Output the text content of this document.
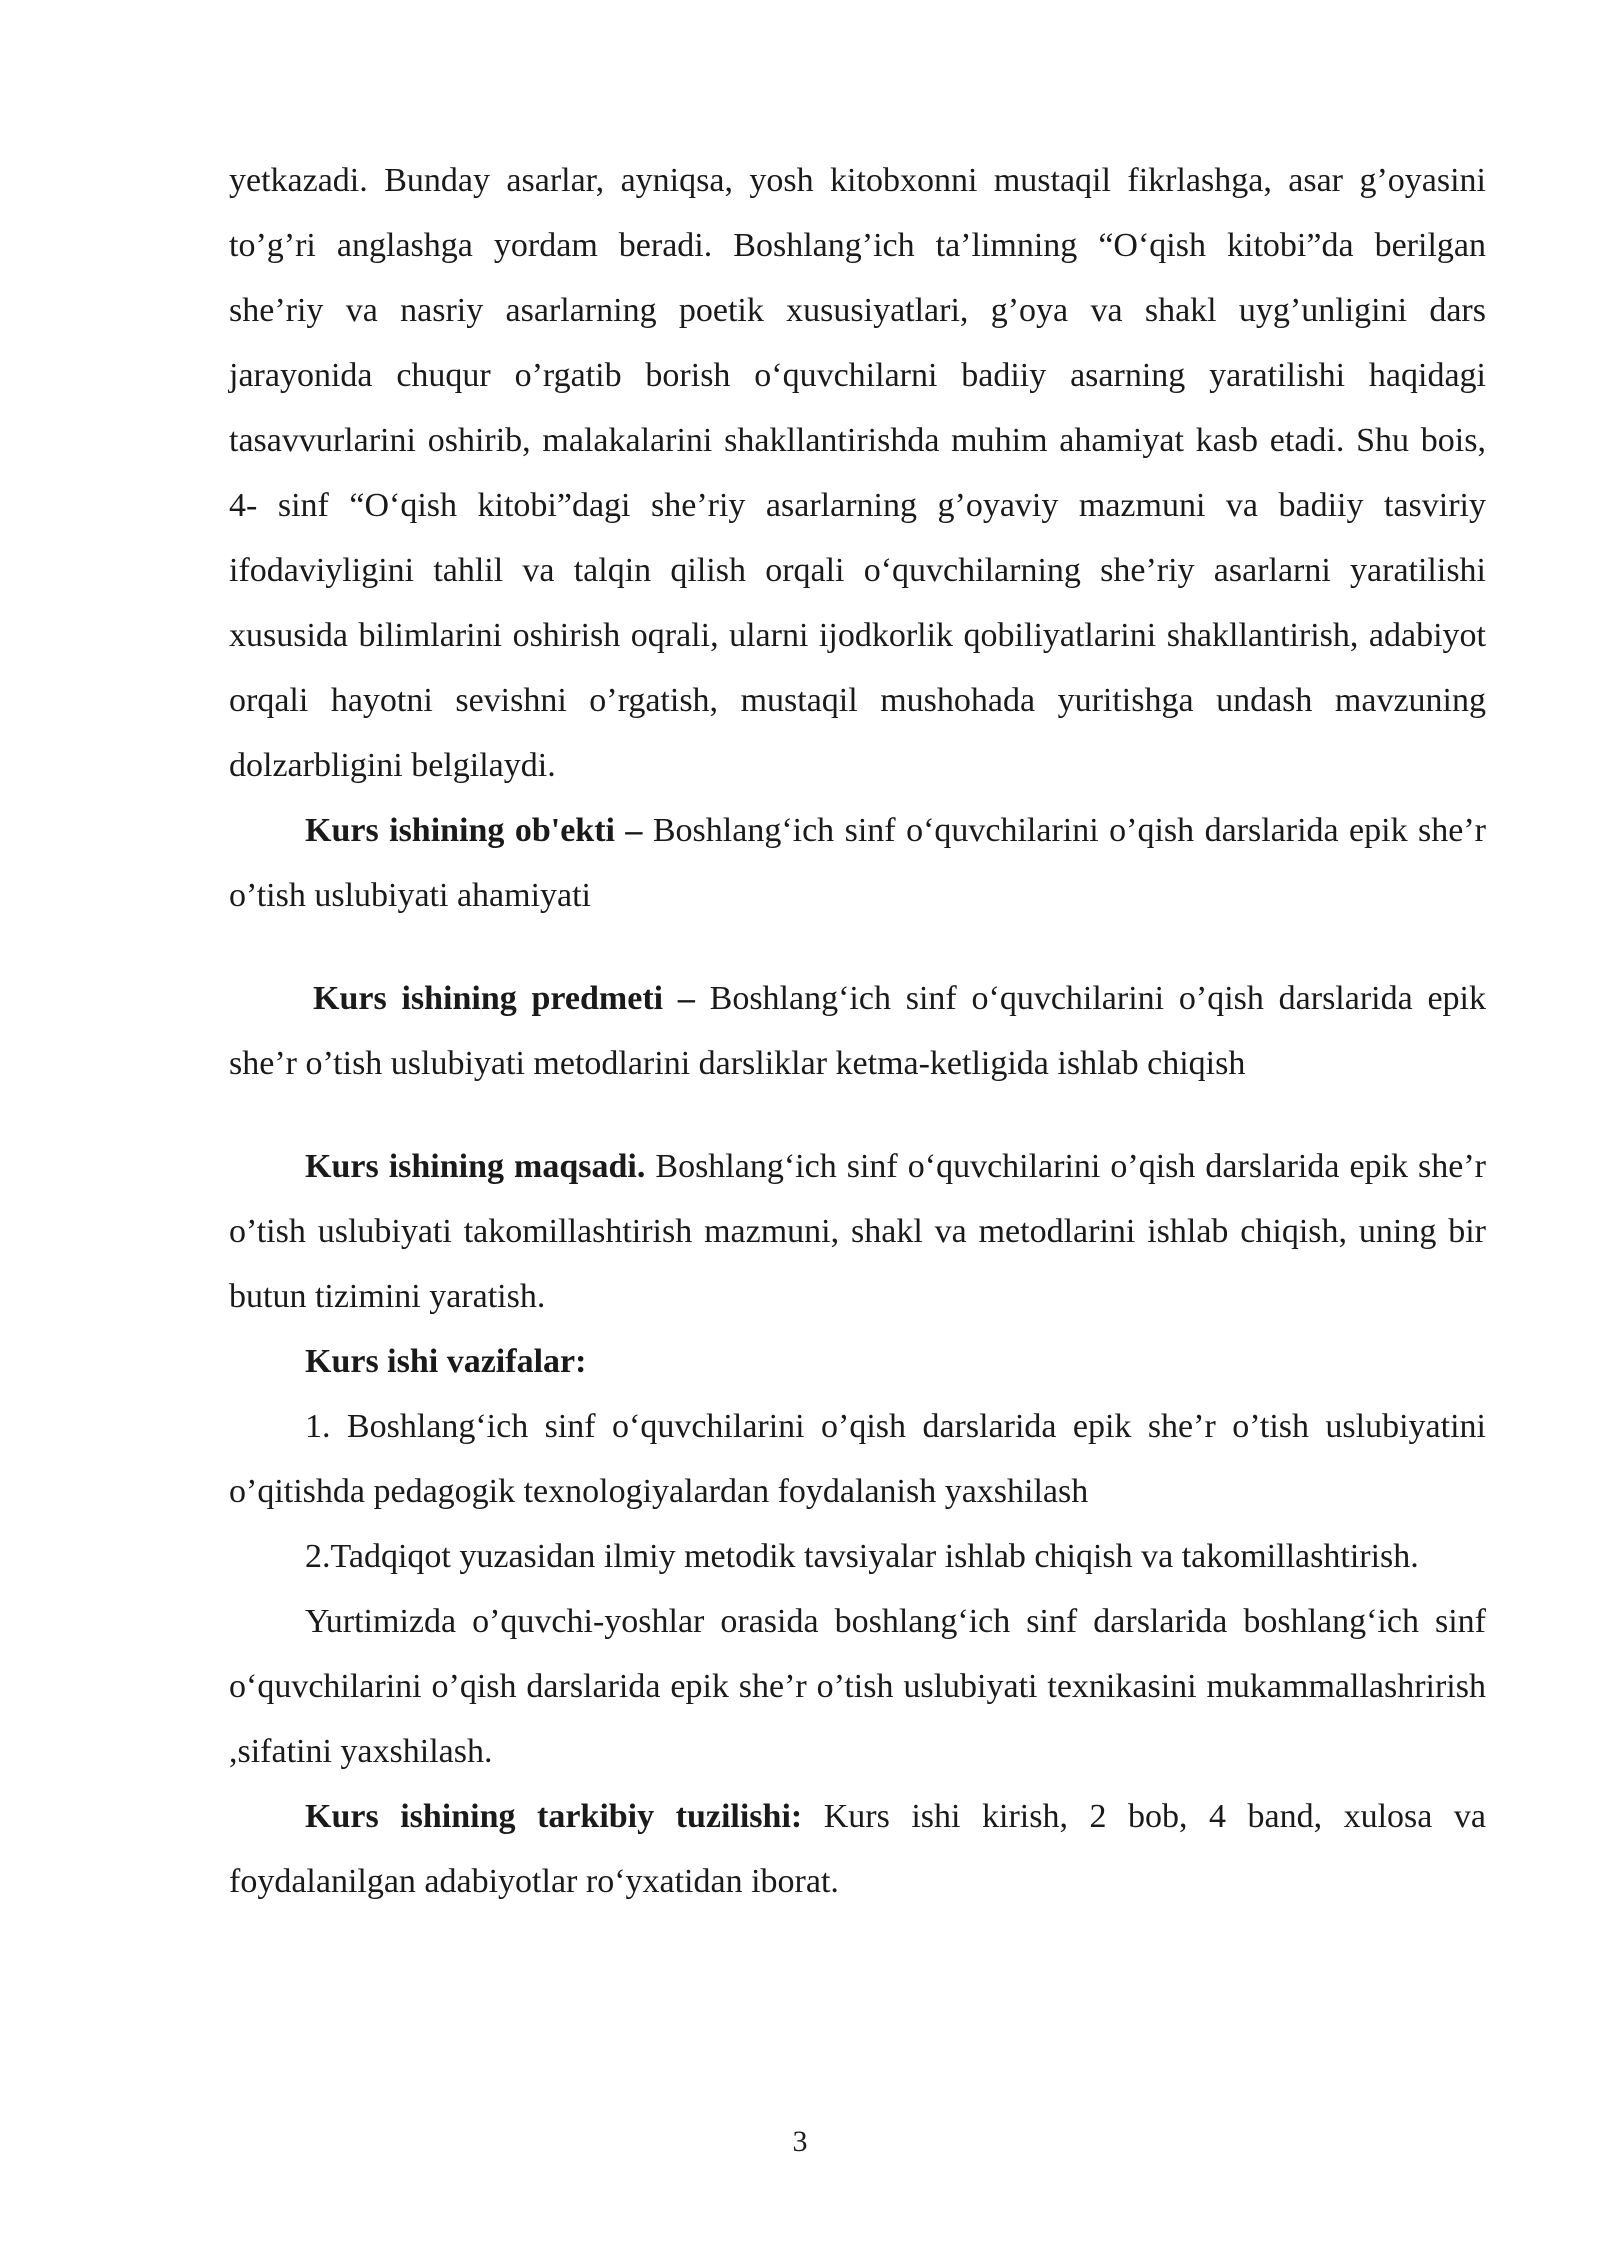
yetkazadi. Bunday asarlar, ayniqsa, yosh kitobxonni mustaqil fikrlashga, asar g’oyasini to’g’ri anglashga yordam beradi. Boshlang’ich ta’limning “O‘qish kitobi”da berilgan she’riy va nasriy asarlarning poetik xususiyatlari, g’oya va shakl uyg’unligini dars jarayonida chuqur o’rgatib borish o‘quvchilarni badiiy asarning yaratilishi haqidagi tasavvurlarini oshirib, malakalarini shakllantirishda muhim ahamiyat kasb etadi. Shu bois, 4- sinf “O‘qish kitobi”dagi she’riy asarlarning g’oyaviy mazmuni va badiiy tasviriy ifodaviyligini tahlil va talqin qilish orqali o‘quvchilarning she’riy asarlarni yaratilishi xususida bilimlarini oshirish oqrali, ularni ijodkorlik qobiliyatlarini shakllantirish, adabiyot orqali hayotni sevishni o’rgatish, mustaqil mushohada yuritishga undash mavzuning dolzarbligini belgilaydi.

Kurs ishining ob'ekti – Boshlang‘ich sinf o‘quvchilarini o’qish darslarida epik she’r o’tish uslubiyati ahamiyati

Kurs ishining predmeti – Boshlang‘ich sinf o‘quvchilarini o’qish darslarida epik she’r o’tish uslubiyati metodlarini darsliklar ketma-ketligida ishlab chiqish

Kurs ishining maqsadi. Boshlang‘ich sinf o‘quvchilarini o’qish darslarida epik she’r o’tish uslubiyati takomillashtirish mazmuni, shakl va metodlarini ishlab chiqish, uning bir butun tizimini yaratish.

Kurs ishi vazifalar:

1. Boshlang‘ich sinf o‘quvchilarini o’qish darslarida epik she’r o’tish uslubiyatini o’qitishda pedagogik texnologiyalardan foydalanish yaxshilash

2.Tadqiqot yuzasidan ilmiy metodik tavsiyalar ishlab chiqish va takomillashtirish.

Yurtimizda o’quvchi-yoshlar orasida boshlang‘ich sinf darslarida boshlang‘ich sinf o‘quvchilarini o’qish darslarida epik she’r o’tish uslubiyati texnikasini mukammallashrirish ,sifatini yaxshilash.

Kurs ishining tarkibiy tuzilishi: Kurs ishi kirish, 2 bob, 4 band, xulosa va foydalanilgan adabiyotlar ro‘yxatidan iborat.

3
